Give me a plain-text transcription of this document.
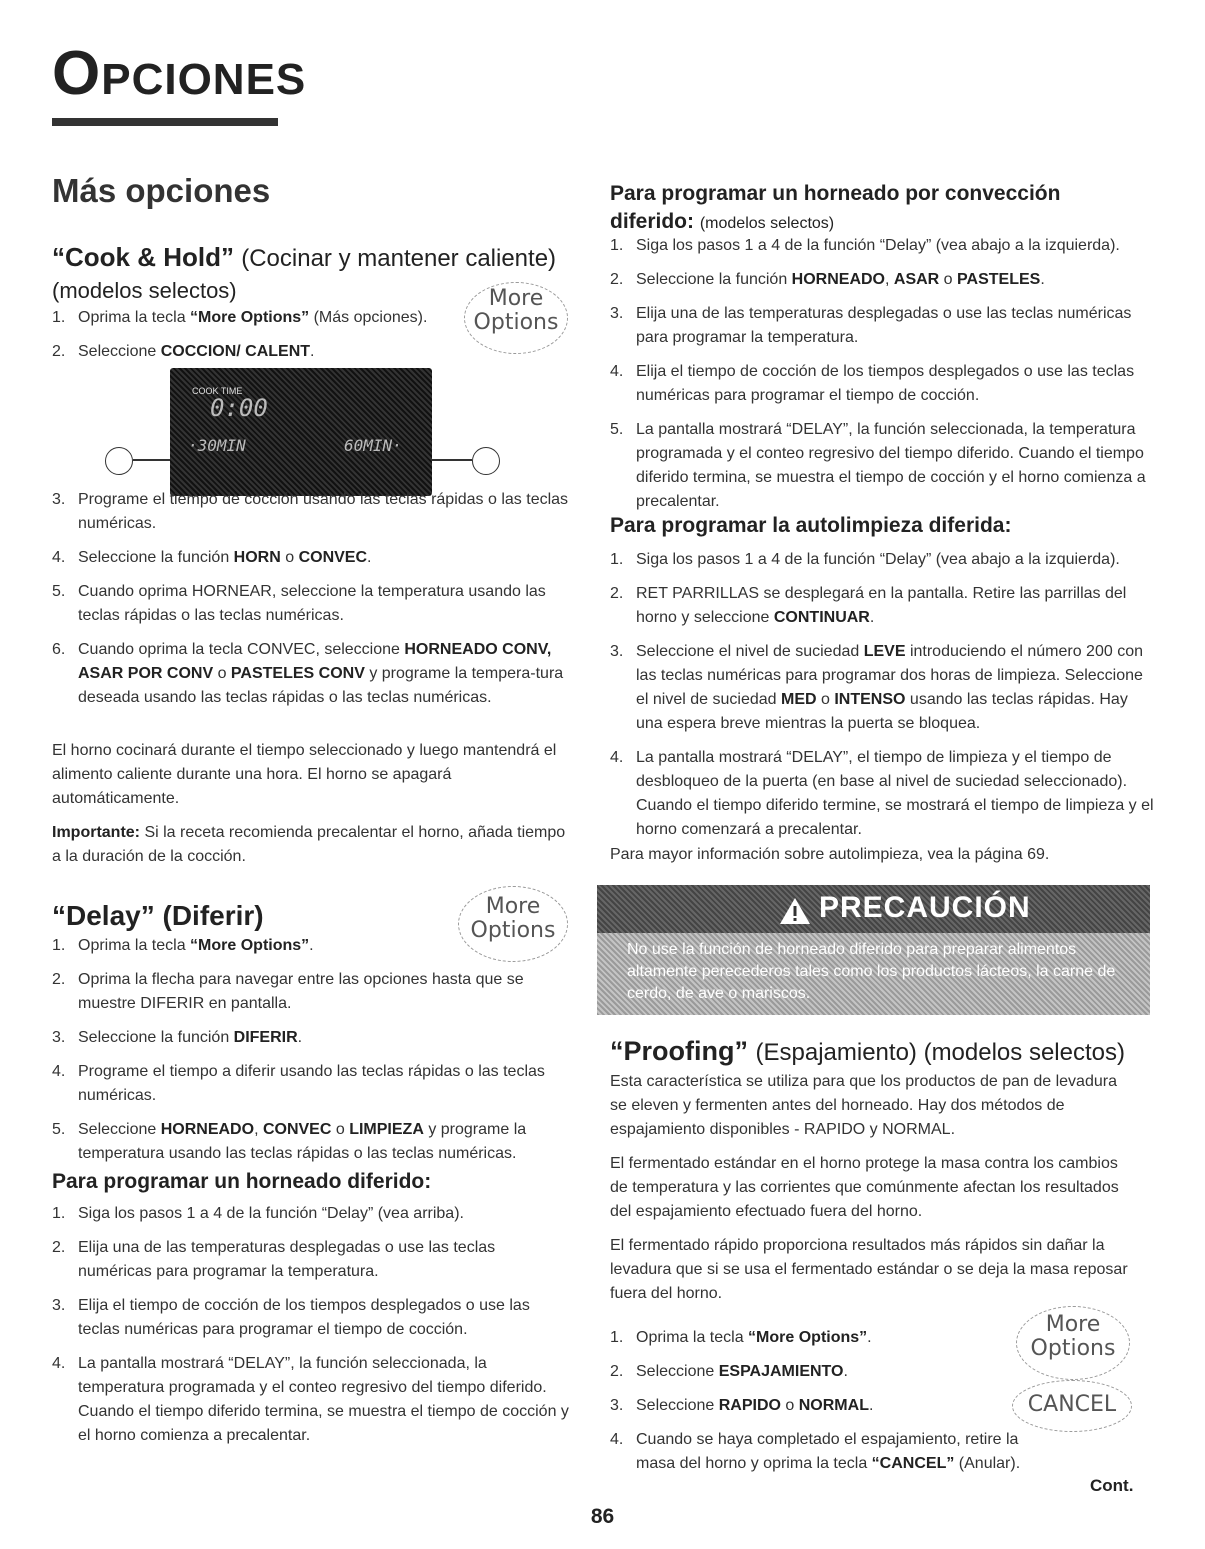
OPCIONES
Más opciones
“Cook & Hold” (Cocinar y mantener caliente)
(modelos selectos)	More Options
1. Oprima la tecla “More Options” (Más opciones).
2. Seleccione COCCION/ CALENT.
COOK TIME
0:00
·30MIN	60MIN·
3. Programe el tiempo de cocción usando las teclas rápidas o las teclas numéricas.
4. Seleccione la función HORN o CONVEC.
5. Cuando oprima HORNEAR, seleccione la temperatura usando las teclas rápidas o las teclas numéricas.
6. Cuando oprima la tecla CONVEC, seleccione HORNEADO CONV, ASAR POR CONV o PASTELES CONV y programe la tempera-tura deseada usando las teclas rápidas o las teclas numéricas.

El horno cocinará durante el tiempo seleccionado y luego mantendrá el alimento caliente durante una hora. El horno se apagará automáticamente.

Importante: Si la receta recomienda precalentar el horno, añada tiempo a la duración de la cocción.

“Delay” (Diferir)	More Options
1. Oprima la tecla “More Options”.
2. Oprima la flecha para navegar entre las opciones hasta que se muestre DIFERIR en pantalla.
3. Seleccione la función DIFERIR.
4. Programe el tiempo a diferir usando las teclas rápidas o las teclas numéricas.
5. Seleccione HORNEADO, CONVEC o LIMPIEZA y programe la temperatura usando las teclas rápidas o las teclas numéricas.
Para programar un horneado diferido:
1. Siga los pasos 1 a 4 de la función “Delay” (vea arriba).
2. Elija una de las temperaturas desplegadas o use las teclas numéricas para programar la temperatura.
3. Elija el tiempo de cocción de los tiempos desplegados o use las teclas numéricas para programar el tiempo de cocción.
4. La pantalla mostrará “DELAY”, la función seleccionada, la temperatura programada y el conteo regresivo del tiempo diferido. Cuando el tiempo diferido termina, se muestra el tiempo de cocción y el horno comienza a precalentar.
Para programar un horneado por convección diferido: (modelos selectos)
1. Siga los pasos 1 a 4 de la función “Delay” (vea abajo a la izquierda).
2. Seleccione la función HORNEADO, ASAR o PASTELES.
3. Elija una de las temperaturas desplegadas o use las teclas numéricas para programar la temperatura.
4. Elija el tiempo de cocción de los tiempos desplegados o use las teclas numéricas para programar el tiempo de cocción.
5. La pantalla mostrará “DELAY”, la función seleccionada, la temperatura programada y el conteo regresivo del tiempo diferido. Cuando el tiempo diferido termina, se muestra el tiempo de cocción y el horno comienza a precalentar.
Para programar la autolimpieza diferida:
1. Siga los pasos 1 a 4 de la función “Delay” (vea abajo a la izquierda).
2. RET PARRILLAS se desplegará en la pantalla. Retire las parrillas del horno y seleccione CONTINUAR.
3. Seleccione el nivel de suciedad LEVE introduciendo el número 200 con las teclas numéricas para programar dos horas de limpieza. Seleccione el nivel de suciedad MED o INTENSO usando las teclas rápidas. Hay una espera breve mientras la puerta se bloquea.
4. La pantalla mostrará “DELAY”, el tiempo de limpieza y el tiempo de desbloqueo de la puerta (en base al nivel de suciedad seleccionado). Cuando el tiempo diferido termine, se mostrará el tiempo de limpieza y el horno comenzará a precalentar.
Para mayor información sobre autolimpieza, vea la página 69.
PRECAUCIÓN
No use la función de horneado diferido para preparar alimentos altamente perecederos tales como los productos lácteos, la carne de cerdo, de ave o mariscos.
“Proofing” (Espajamiento) (modelos selectos)

Esta característica se utiliza para que los productos de pan de levadura se eleven y fermenten antes del horneado. Hay dos métodos de espajamiento disponibles - RAPIDO y NORMAL.

El fermentado estándar en el horno protege la masa contra los cambios de temperatura y las corrientes que comúnmente afectan los resultados del espajamiento efectuado fuera del horno.

El fermentado rápido proporciona resultados más rápidos sin dañar la levadura que si se usa el fermentado estándar o se deja la masa reposar fuera del horno.

1. Oprima la tecla “More Options”.
2. Seleccione ESPAJAMIENTO.
3. Seleccione RAPIDO o NORMAL.
4. Cuando se haya completado el espajamiento, retire la masa del horno y oprima la tecla “CANCEL” (Anular).
More Options
CANCEL
Cont.
86
